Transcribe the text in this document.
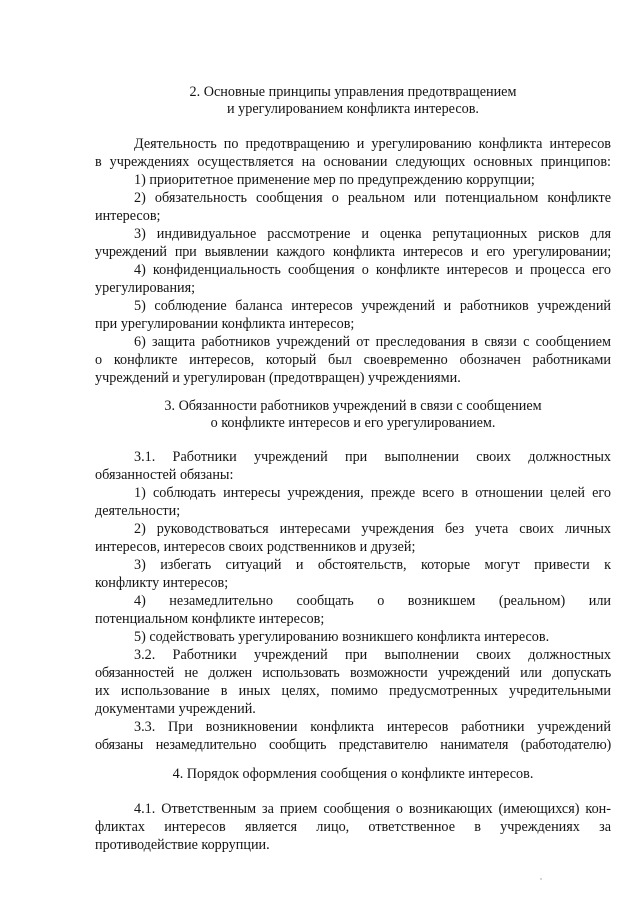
2. Основные принципы управления предотвращением
и урегулированием конфликта интересов.
Деятельность по предотвращению и урегулированию конфликта интересов
в учреждениях осуществляется на основании следующих основных принципов:
1) приоритетное применение мер по предупреждению коррупции;
2) обязательность сообщения о реальном или потенциальном конфликте
интересов;
3) индивидуальное рассмотрение и оценка репутационных рисков для
учреждений при выявлении каждого конфликта интересов и его урегулировании;
4) конфиденциальность сообщения о конфликте интересов и процесса его
урегулирования;
5) соблюдение баланса интересов учреждений и работников учреждений
при урегулировании конфликта интересов;
6) защита работников учреждений от преследования в связи с сообщением
о конфликте интересов, который был своевременно обозначен работниками
учреждений и урегулирован (предотвращен) учреждениями.
3. Обязанности работников учреждений в связи с сообщением
о конфликте интересов и его урегулированием.
3.1. Работники учреждений при выполнении своих должностных
обязанностей обязаны:
1) соблюдать интересы учреждения, прежде всего в отношении целей его
деятельности;
2) руководствоваться интересами учреждения без учета своих личных
интересов, интересов своих родственников и друзей;
3) избегать ситуаций и обстоятельств, которые могут привести к
конфликту интересов;
4) незамедлительно сообщать о возникшем (реальном) или
потенциальном конфликте интересов;
5) содействовать урегулированию возникшего конфликта интересов.
3.2. Работники учреждений при выполнении своих должностных
обязанностей не должен использовать возможности учреждений или допускать
их использование в иных целях, помимо предусмотренных учредительными
документами учреждений.
3.3. При возникновении конфликта интересов работники учреждений
обязаны незамедлительно сообщить представителю нанимателя (работодателю)
4. Порядок оформления сообщения о конфликте интересов.
4.1. Ответственным за прием сообщения о возникающих (имеющихся) кон-
фликтах интересов является лицо, ответственное в учреждениях за
противодействие коррупции.
